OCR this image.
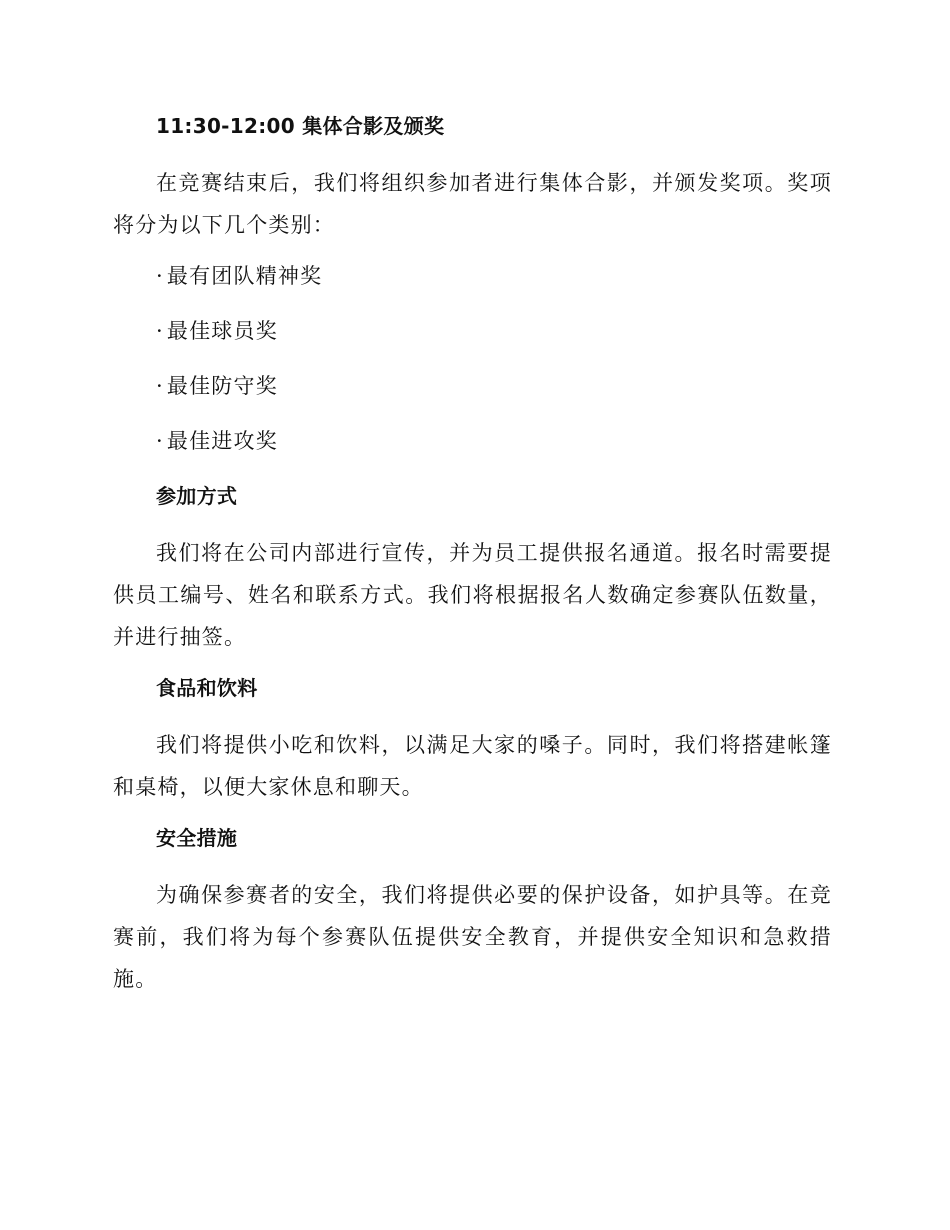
11:30-12:00 集体合影及颁奖

在竞赛结束后，我们将组织参加者进行集体合影，并颁发奖项。奖项将分为以下几个类别：

· 最有团队精神奖
· 最佳球员奖
· 最佳防守奖
· 最佳进攻奖
参加方式

我们将在公司内部进行宣传，并为员工提供报名通道。报名时需要提供员工编号、姓名和联系方式。我们将根据报名人数确定参赛队伍数量，并进行抽签。

食品和饮料

我们将提供小吃和饮料，以满足大家的嗓子。同时，我们将搭建帐篷和桌椅，以便大家休息和聊天。

安全措施

为确保参赛者的安全，我们将提供必要的保护设备，如护具等。在竞赛前，我们将为每个参赛队伍提供安全教育，并提供安全知识和急救措施。
